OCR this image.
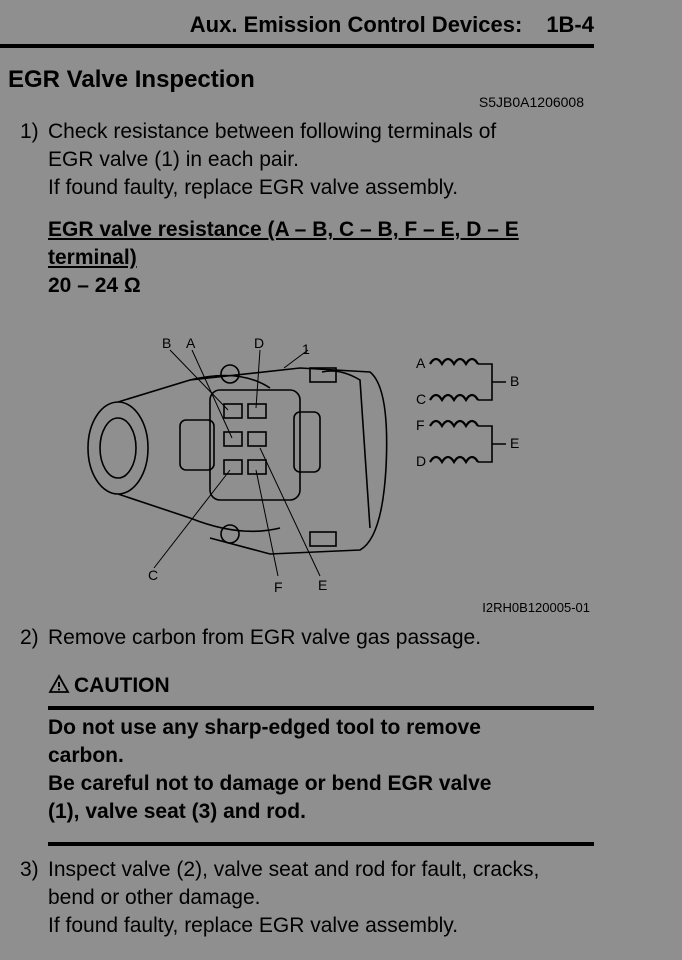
Aux. Emission Control Devices: 1B-4
EGR Valve Inspection
S5JB0A1206008
1) Check resistance between following terminals of
EGR valve (1) in each pair.
If found faulty, replace EGR valve assembly.
EGR valve resistance (A – B, C – B, F – E, D – E
terminal)
20 – 24 Ω
B A	D	1
C
F	E
A
C
F
D
B
E
I2RH0B120005-01
2) Remove carbon from EGR valve gas passage.
CAUTION
Do not use any sharp-edged tool to remove
carbon.
Be careful not to damage or bend EGR valve
(1), valve seat (3) and rod.
3) Inspect valve (2), valve seat and rod for fault, cracks,
bend or other damage.
If found faulty, replace EGR valve assembly.
